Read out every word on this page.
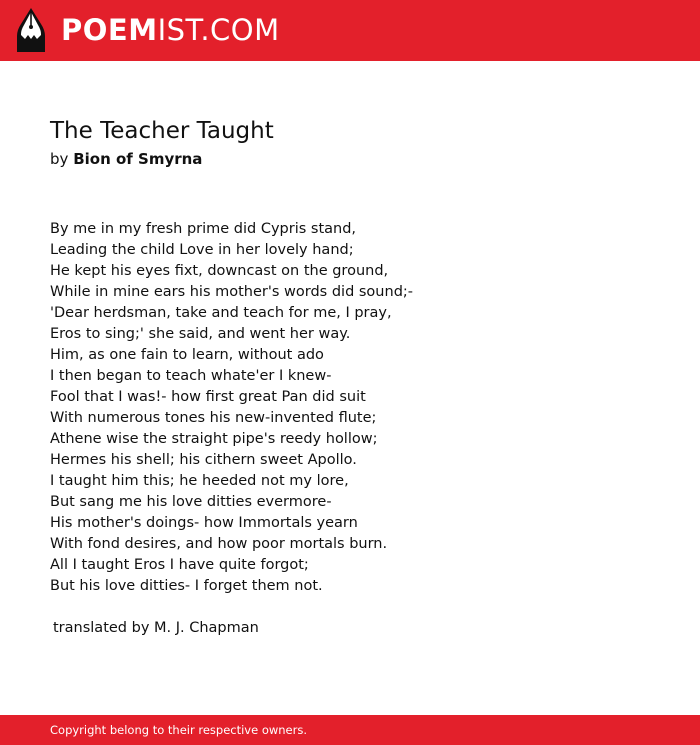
POEMIST.COM
The Teacher Taught
by Bion of Smyrna
By me in my fresh prime did Cypris stand,
Leading the child Love in her lovely hand;
He kept his eyes fixt, downcast on the ground,
While in mine ears his mother's words did sound;-
'Dear herdsman, take and teach for me, I pray,
Eros to sing;' she said, and went her way.
Him, as one fain to learn, without ado
I then began to teach whate'er I knew-
Fool that I was!- how first great Pan did suit
With numerous tones his new-invented flute;
Athene wise the straight pipe's reedy hollow;
Hermes his shell; his cithern sweet Apollo.
I taught him this; he heeded not my lore,
But sang me his love ditties evermore-
His mother's doings- how Immortals yearn
With fond desires, and how poor mortals burn.
All I taught Eros I have quite forgot;
But his love ditties- I forget them not.
translated by M. J. Chapman
Copyright belong to their respective owners.
